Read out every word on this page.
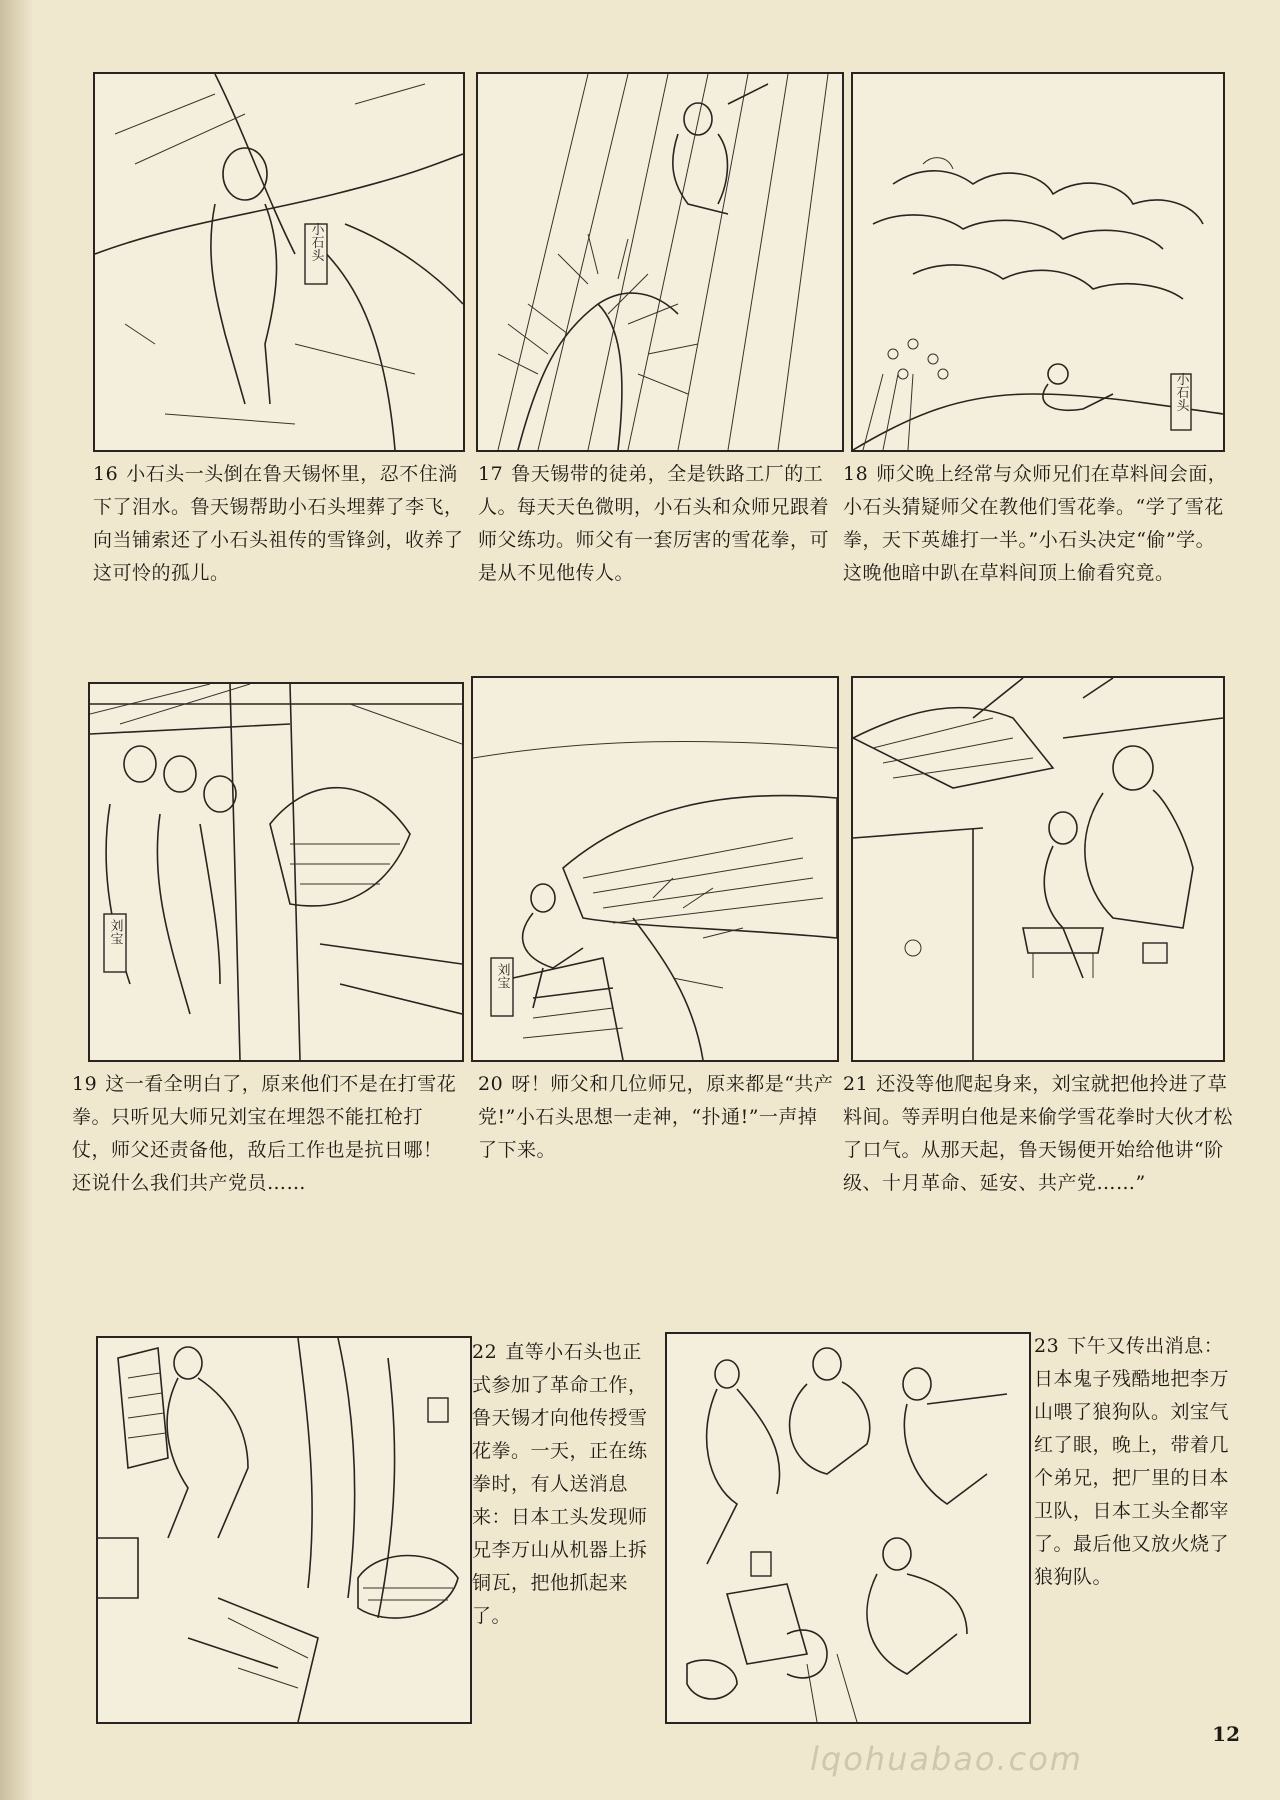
小石头
小石头

16 小石头一头倒在鲁天锡怀里，忍不住淌下了泪水。鲁天锡帮助小石头埋葬了李飞，向当铺索还了小石头祖传的雪锋剑，收养了这可怜的孤儿。

17 鲁天锡带的徒弟，全是铁路工厂的工人。每天天色微明，小石头和众师兄跟着师父练功。师父有一套厉害的雪花拳，可是从不见他传人。

18 师父晚上经常与众师兄们在草料间会面，小石头猜疑师父在教他们雪花拳。“学了雪花拳，天下英雄打一半。”小石头决定“偷”学。这晚他暗中趴在草料间顶上偷看究竟。

刘宝
刘宝

19 这一看全明白了，原来他们不是在打雪花拳。只听见大师兄刘宝在埋怨不能扛枪打仗，师父还责备他，敌后工作也是抗日哪！还说什么我们共产党员……

20 呀！师父和几位师兄，原来都是“共产党!”小石头思想一走神，“扑通!”一声掉了下来。

21 还没等他爬起身来，刘宝就把他拎进了草料间。等弄明白他是来偷学雪花拳时大伙才松了口气。从那天起，鲁天锡便开始给他讲“阶级、十月革命、延安、共产党……”

22 直等小石头也正式参加了革命工作，鲁天锡才向他传授雪花拳。一天，正在练拳时，有人送消息来：日本工头发现师兄李万山从机器上拆铜瓦，把他抓起来了。

23 下午又传出消息：日本鬼子残酷地把李万山喂了狼狗队。刘宝气红了眼，晚上，带着几个弟兄，把厂里的日本卫队，日本工头全都宰了。最后他又放火烧了狼狗队。

lqohuabao.com
12
